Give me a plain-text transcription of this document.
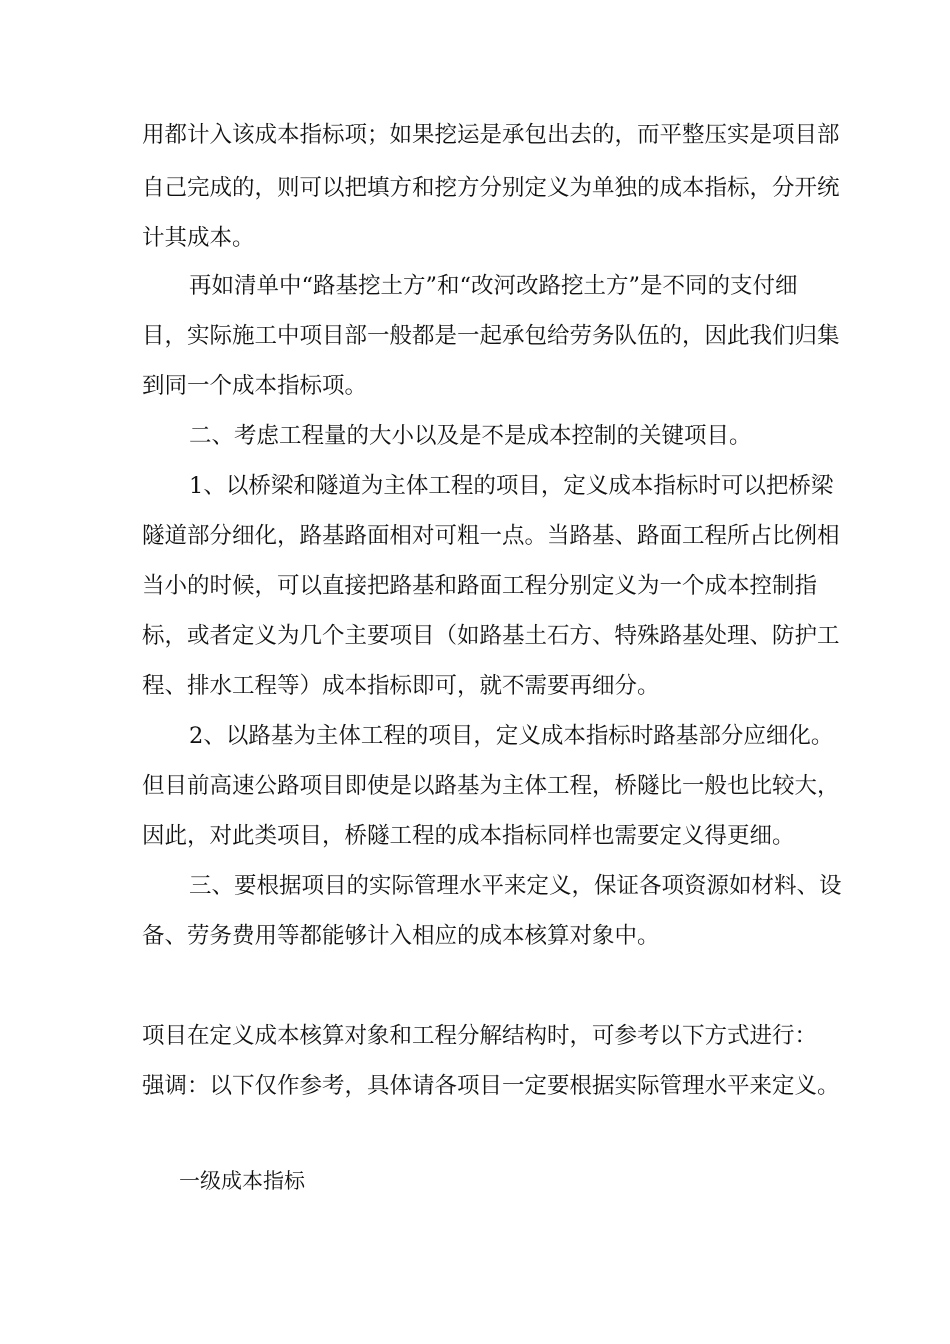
用都计入该成本指标项；如果挖运是承包出去的，而平整压实是项目部
自己完成的，则可以把填方和挖方分别定义为单独的成本指标，分开统
计其成本。
再如清单中“路基挖土方”和“改河改路挖土方”是不同的支付细
目，实际施工中项目部一般都是一起承包给劳务队伍的，因此我们归集
到同一个成本指标项。
二、考虑工程量的大小以及是不是成本控制的关键项目。
1、以桥梁和隧道为主体工程的项目，定义成本指标时可以把桥梁
隧道部分细化，路基路面相对可粗一点。当路基、路面工程所占比例相
当小的时候，可以直接把路基和路面工程分别定义为一个成本控制指
标，或者定义为几个主要项目（如路基土石方、特殊路基处理、防护工
程、排水工程等）成本指标即可，就不需要再细分。
2、以路基为主体工程的项目，定义成本指标时路基部分应细化。
但目前高速公路项目即使是以路基为主体工程，桥隧比一般也比较大，
因此，对此类项目，桥隧工程的成本指标同样也需要定义得更细。
三、要根据项目的实际管理水平来定义，保证各项资源如材料、设
备、劳务费用等都能够计入相应的成本核算对象中。
项目在定义成本核算对象和工程分解结构时，可参考以下方式进行：
强调：以下仅作参考，具体请各项目一定要根据实际管理水平来定义。
一级成本指标
